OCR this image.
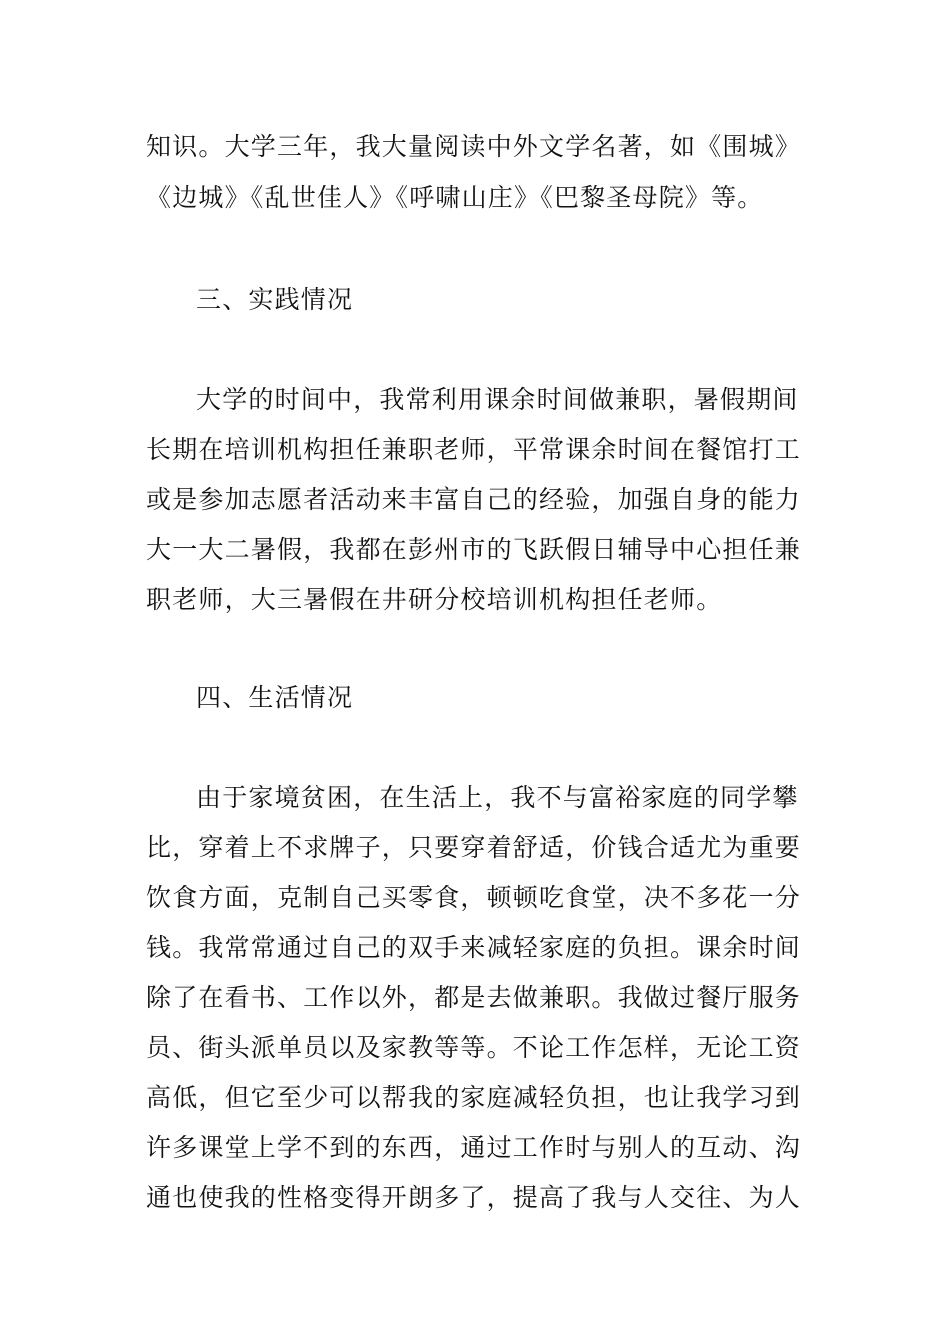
知识。大学三年，我大量阅读中外文学名著，如《围城》
《边城》《乱世佳人》《呼啸山庄》《巴黎圣母院》等。
三、实践情况
大学的时间中，我常利用课余时间做兼职，暑假期间
长期在培训机构担任兼职老师，平常课余时间在餐馆打工
或是参加志愿者活动来丰富自己的经验，加强自身的能力
大一大二暑假，我都在彭州市的飞跃假日辅导中心担任兼
职老师，大三暑假在井研分校培训机构担任老师。
四、生活情况
由于家境贫困，在生活上，我不与富裕家庭的同学攀
比，穿着上不求牌子，只要穿着舒适，价钱合适尤为重要
饮食方面，克制自己买零食，顿顿吃食堂，决不多花一分
钱。我常常通过自己的双手来减轻家庭的负担。课余时间
除了在看书、工作以外，都是去做兼职。我做过餐厅服务
员、街头派单员以及家教等等。不论工作怎样，无论工资
高低，但它至少可以帮我的家庭减轻负担，也让我学习到
许多课堂上学不到的东西，通过工作时与别人的互动、沟
通也使我的性格变得开朗多了，提高了我与人交往、为人
